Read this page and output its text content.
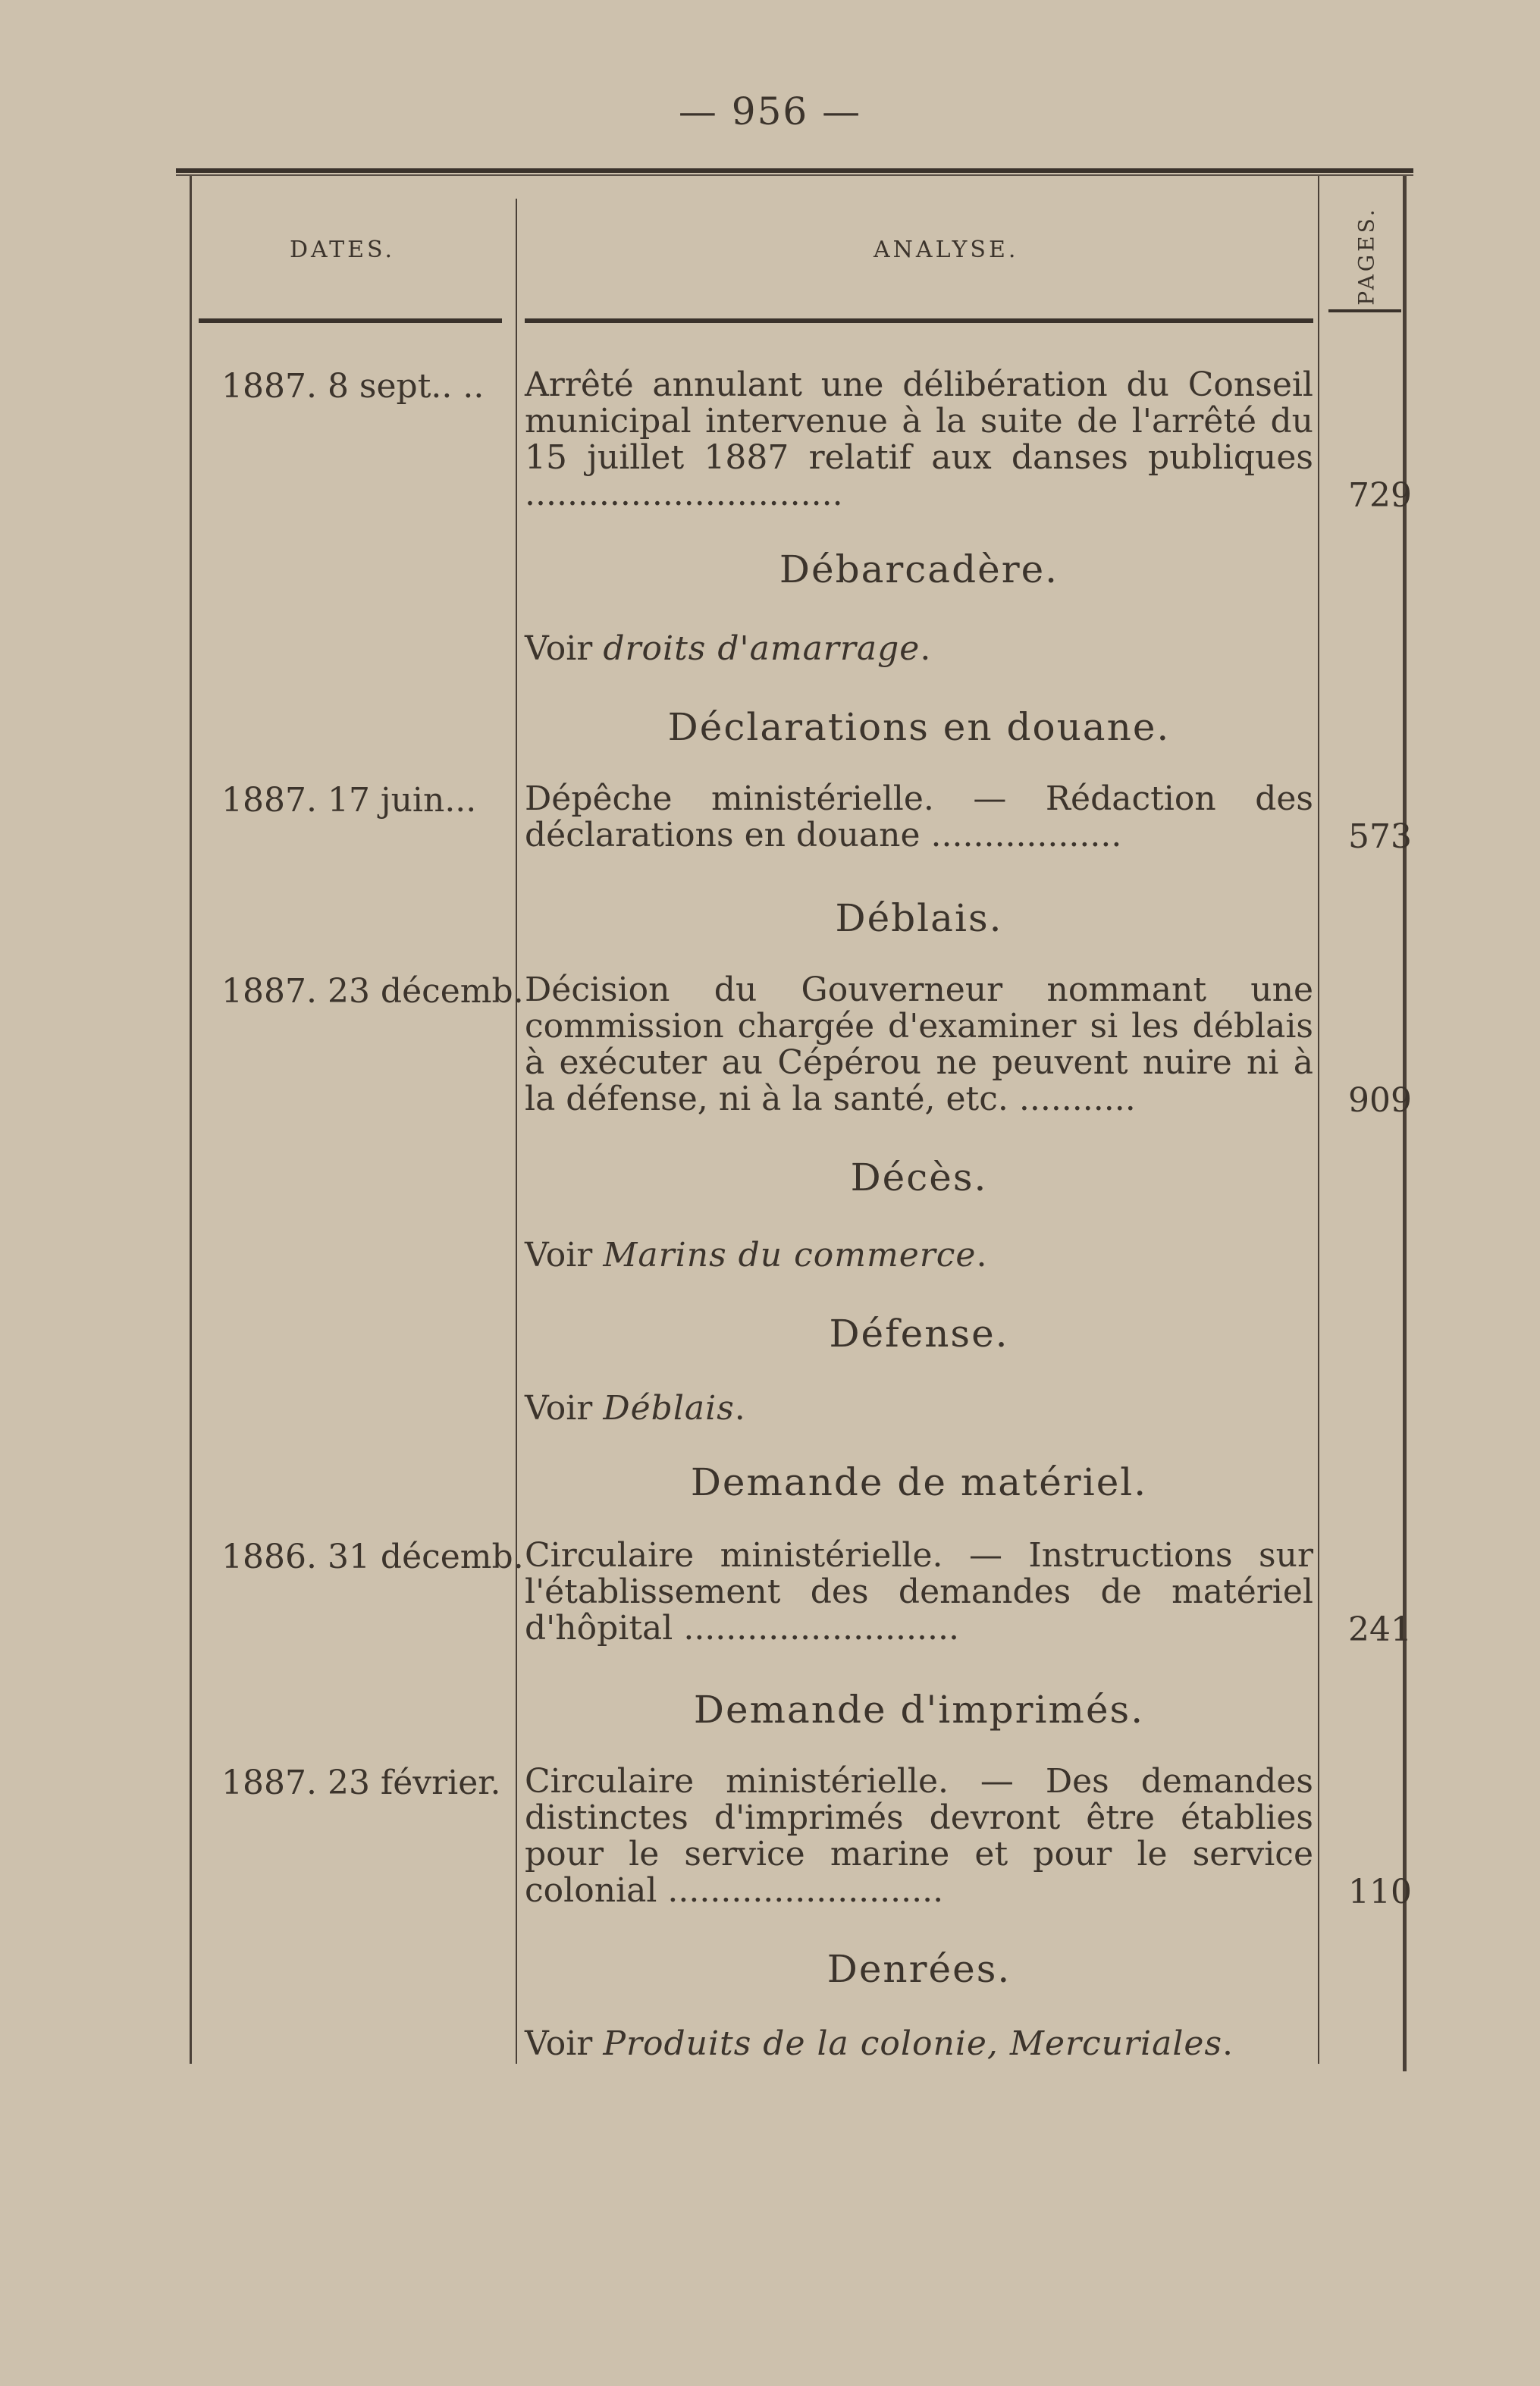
— 956 —
DATES.	ANALYSE.	PAGES.
1887. 8 sept.. .. Arrêté annulant une délibération du Conseil municipal intervenue à la suite de l'arrêté du 15 juillet 1887 relatif aux danses publiques ..............................	729
Débarcadère.
Voir droits d'amarrage.
Déclarations en douane.
1887. 17 juin... Dépêche ministérielle. — Rédaction des déclarations en douane ..................	573
Déblais.
1887. 23 décemb. Décision du Gouverneur nommant une commission chargée d'examiner si les déblais à exécuter au Cépérou ne peuvent nuire ni à la défense, ni à la santé, etc. ...........	909
Décès.
Voir Marins du commerce.
Défense.
Voir Déblais.
Demande de matériel.
1886. 31 décemb. Circulaire ministérielle. — Instructions sur l'établissement des demandes de matériel d'hôpital ..........................	241
Demande d'imprimés.
1887. 23 février. Circulaire ministérielle. — Des demandes distinctes d'imprimés devront être établies pour le service marine et pour le service colonial ..........................	110
Denrées.
Voir Produits de la colonie, Mercuriales.
